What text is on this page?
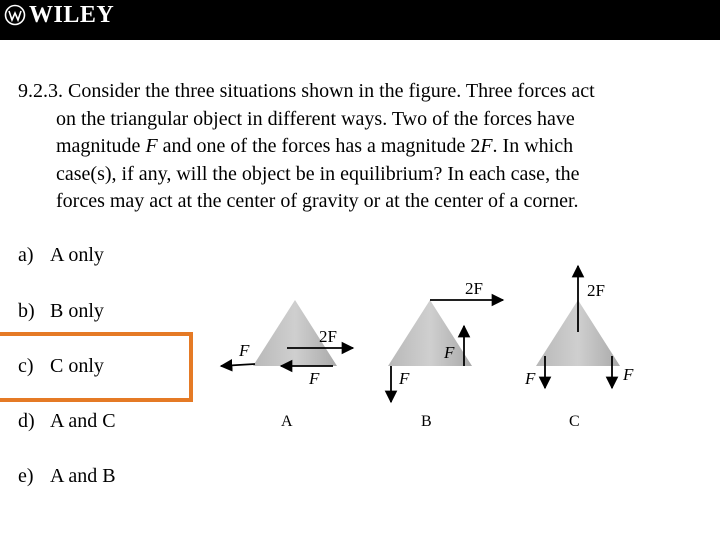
WILEY
9.2.3. Consider the three situations shown in the figure. Three forces act
on the triangular object in different ways. Two of the forces have
magnitude F and one of the forces has a magnitude 2F. In which
case(s), if any, will the object be in equilibrium? In each case, the
forces may act at the center of gravity or at the center of a corner.
a) A only
b) B only
c) C only
d) A and C
e) A and B
F
2F
F
A
2F
F
F
B
2F
F	F
C
